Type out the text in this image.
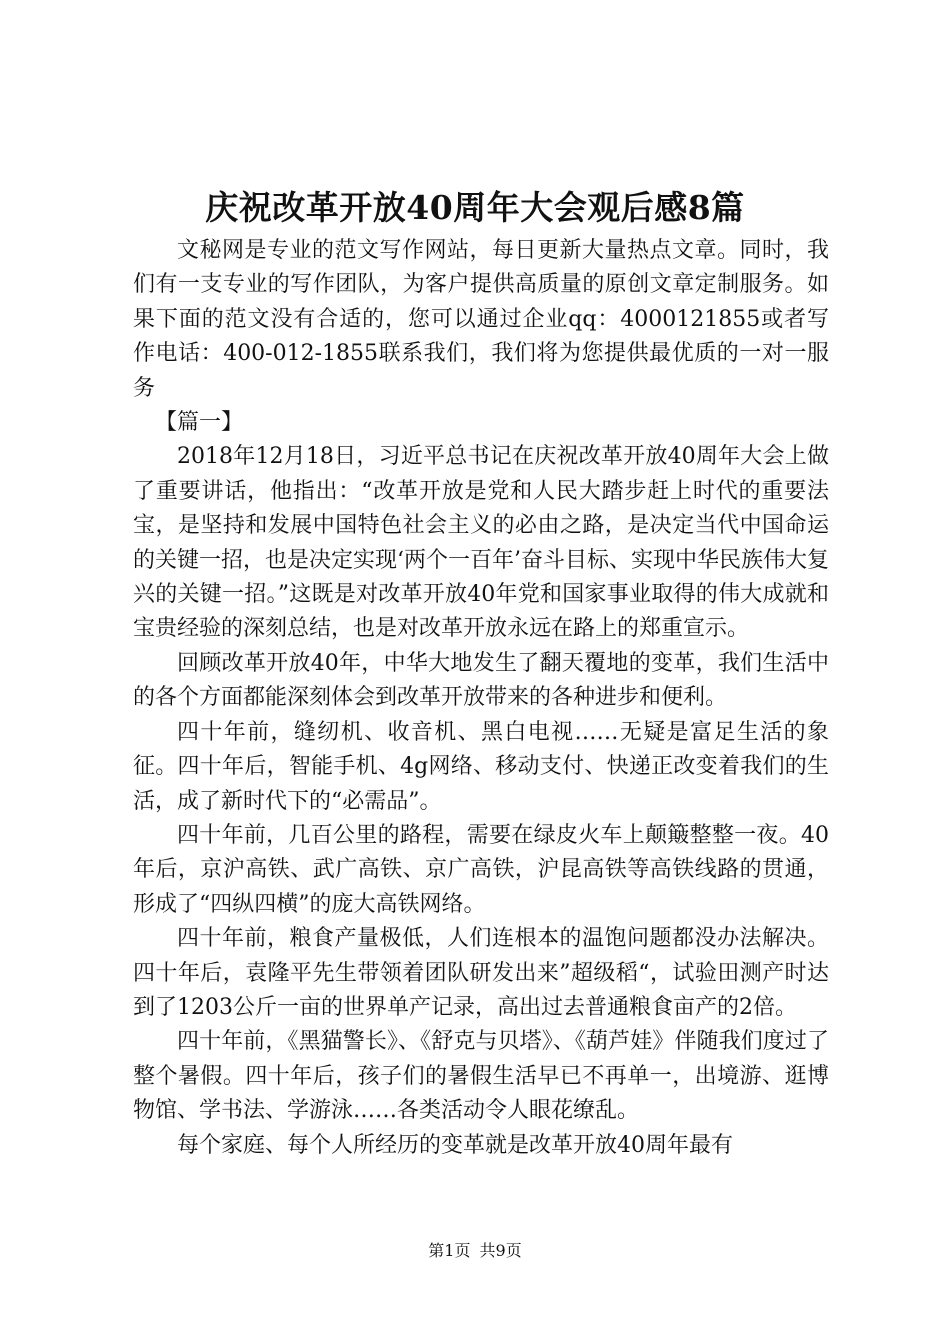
庆祝改革开放40周年大会观后感8篇

文秘网是专业的范文写作网站，每日更新大量热点文章。同时，我们有一支专业的写作团队，为客户提供高质量的原创文章定制服务。如果下面的范文没有合适的，您可以通过企业qq：4000121855或者写作电话：400-012-1855联系我们，我们将为您提供最优质的一对一服务

【篇一】

2018年12月18日，习近平总书记在庆祝改革开放40周年大会上做了重要讲话，他指出：“改革开放是党和人民大踏步赶上时代的重要法宝，是坚持和发展中国特色社会主义的必由之路，是决定当代中国命运的关键一招，也是决定实现‘两个一百年’奋斗目标、实现中华民族伟大复兴的关键一招。”这既是对改革开放40年党和国家事业取得的伟大成就和宝贵经验的深刻总结，也是对改革开放永远在路上的郑重宣示。

回顾改革开放40年，中华大地发生了翻天覆地的变革，我们生活中的各个方面都能深刻体会到改革开放带来的各种进步和便利。

四十年前，缝纫机、收音机、黑白电视……无疑是富足生活的象征。四十年后，智能手机、4g网络、移动支付、快递正改变着我们的生活，成了新时代下的“必需品”。

四十年前，几百公里的路程，需要在绿皮火车上颠簸整整一夜。40年后，京沪高铁、武广高铁、京广高铁，沪昆高铁等高铁线路的贯通，形成了“四纵四横”的庞大高铁网络。

四十年前，粮食产量极低，人们连根本的温饱问题都没办法解决。四十年后，袁隆平先生带领着团队研发出来”超级稻“，试验田测产时达到了1203公斤一亩的世界单产记录，高出过去普通粮食亩产的2倍。

四十年前，《黑猫警长》、《舒克与贝塔》、《葫芦娃》伴随我们度过了整个暑假。四十年后，孩子们的暑假生活早已不再单一，出境游、逛博物馆、学书法、学游泳……各类活动令人眼花缭乱。

每个家庭、每个人所经历的变革就是改革开放40周年最有

第1页 共9页
